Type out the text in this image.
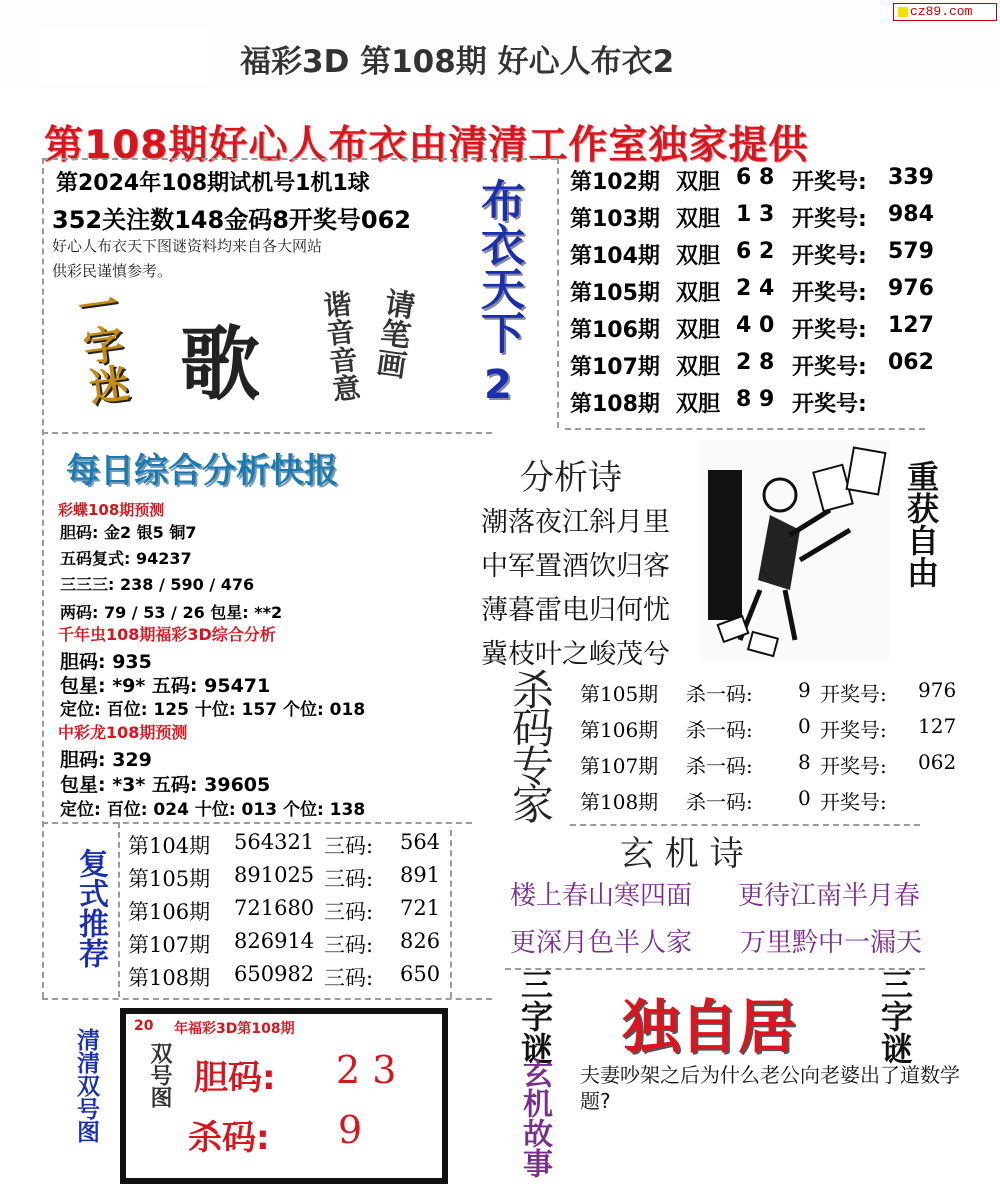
福彩3D 第108期 好心人布衣2
cz89.com
第108期好心人布衣由清清工作室独家提供
第2024年108期试机号1机1球
352关注数148金码8开奖号062
好心人布衣天下图谜资料均来自各大网站
供彩民谨慎参考。
一字迷 歌	请笔画
谐音音意	布衣天下
2
第102期 双胆 6 8 开奖号: 339
第103期 双胆 1 3 开奖号: 984
第104期 双胆 6 2 开奖号: 579
第105期 双胆 2 4 开奖号: 976
第106期 双胆 4 0 开奖号: 127
第107期 双胆 2 8 开奖号: 062
第108期 双胆 8 9 开奖号:
每日综合分析快报
彩蝶108期预测
胆码: 金2 银5 铜7
五码复式: 94237
三三三: 238 / 590 / 476
两码: 79 / 53 / 26 包星: **2
千年虫108期福彩3D综合分析
胆码: 935
包星: *9* 五码: 95471
定位: 百位: 125 十位: 157 个位: 018
中彩龙108期预测
胆码: 329
包星: *3* 五码: 39605
定位: 百位: 024 十位: 013 个位: 138
分析诗
潮落夜江斜月里
中军置酒饮归客
薄暮雷电归何忧
冀枝叶之峻茂兮
重获自由
杀码专家 第105期 杀一码: 9 开奖号: 976
第106期 杀一码: 0 开奖号: 127
第107期 杀一码: 8 开奖号: 062
第108期 杀一码: 0 开奖号:
复式推荐
第104期 564321 三码: 564
第105期 891025 三码: 891
第106期 721680 三码: 721
第107期 826914 三码: 826
第108期 650982 三码: 650
玄 机 诗
楼上春山寒四面 更待江南半月春
更深月色半人家 万里黔中一漏天
清清双号图
20 年福彩3D第108期
双号图 胆码: 2 3
杀码: 9
三字谜 独自居 三字谜
玄机故事 夫妻吵架之后为什么老公向老婆出了道数学题?
